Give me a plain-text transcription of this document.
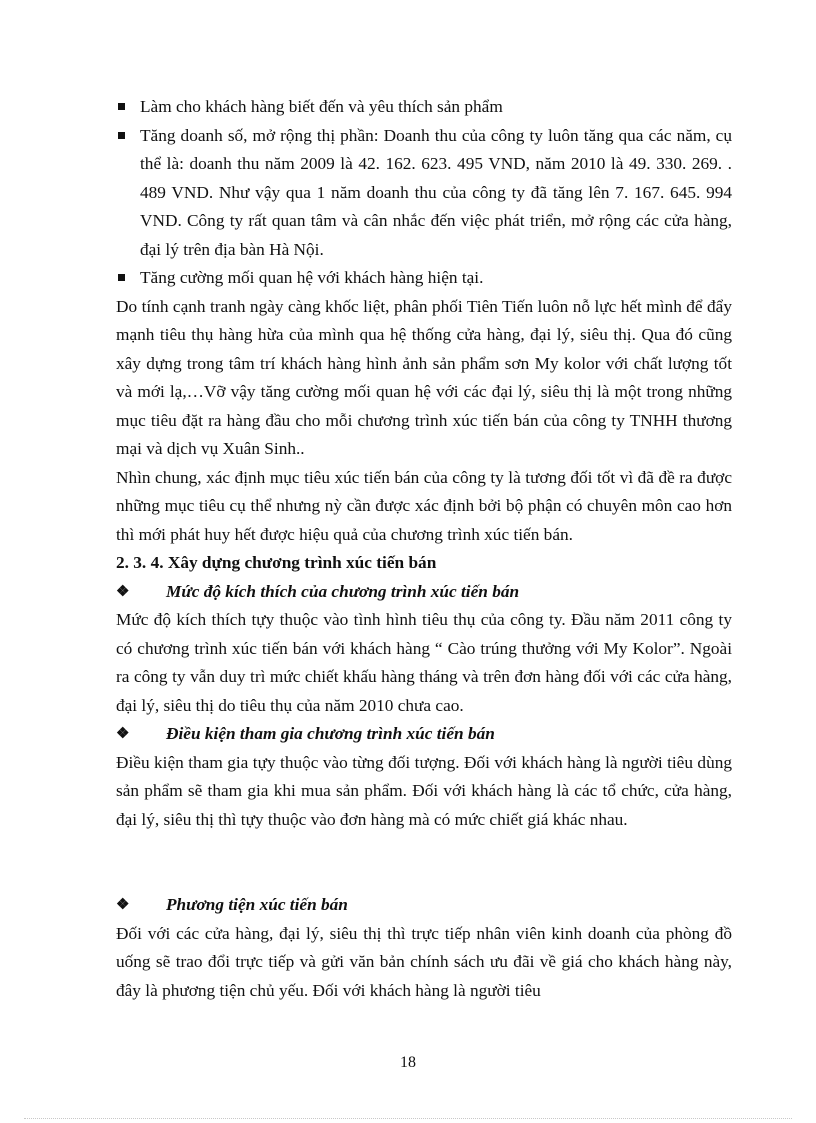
Làm cho khách hàng biết đến và yêu thích sản phẩm

Tăng doanh số, mở rộng thị phần: Doanh thu của công ty luôn tăng qua các năm, cụ thể là: doanh thu năm 2009 là 42. 162. 623. 495 VND, năm 2010 là 49. 330. 269. . 489 VND. Như vậy qua 1 năm doanh thu của công ty đã tăng lên 7. 167. 645. 994 VND. Công ty rất quan tâm và cân nhắc đến việc phát triển, mở rộng các cửa hàng, đại lý trên địa bàn Hà Nội.

Tăng cường mối quan hệ với khách hàng hiện tại.

Do tính cạnh tranh ngày càng khốc liệt, phân phối Tiên Tiến luôn nỗ lực hết mình để đẩy mạnh tiêu thụ hàng hừa của mình qua hệ thống cửa hàng, đại lý, siêu thị. Qua đó cũng xây dựng trong tâm trí khách hàng hình ảnh sản phẩm sơn My kolor với chất lượng tốt và mới lạ,…Vỡ vậy tăng cường mối quan hệ với các đại lý, siêu thị là một trong những mục tiêu đặt ra hàng đầu cho mỗi chương trình xúc tiến bán của công ty TNHH thương mại và dịch vụ Xuân Sinh..

Nhìn chung, xác định mục tiêu xúc tiến bán của công ty là tương đối tốt vì đã đề ra được những mục tiêu cụ thể nhưng nỳ cần được xác định bởi bộ phận có chuyên môn cao hơn thì mới phát huy hết được hiệu quả của chương trình xúc tiến bán.

2. 3. 4. Xây dựng chương trình xúc tiến bán

❖ Mức độ kích thích của chương trình xúc tiến bán

Mức độ kích thích tựy thuộc vào tình hình tiêu thụ của công ty. Đầu năm 2011 công ty có chương trình xúc tiến bán với khách hàng “ Cào trúng thưởng với My Kolor”. Ngoài ra công ty vẫn duy trì mức chiết khấu hàng tháng và trên đơn hàng đối với các cửa hàng, đại lý, siêu thị do tiêu thụ của năm 2010 chưa cao.

❖ Điều kiện tham gia chương trình xúc tiến bán

Điều kiện tham gia tựy thuộc vào từng đối tượng. Đối với khách hàng là người tiêu dùng sản phẩm sẽ tham gia khi mua sản phẩm. Đối với khách hàng là các tổ chức, cửa hàng, đại lý, siêu thị thì tựy thuộc vào đơn hàng mà có mức chiết giá khác nhau.

❖ Phương tiện xúc tiến bán

Đối với các cửa hàng, đại lý, siêu thị thì trực tiếp nhân viên kinh doanh của phòng đồ uống sẽ trao đổi trực tiếp và gửi văn bản chính sách ưu đãi về giá cho khách hàng này, đây là phương tiện chủ yếu. Đối với khách hàng là người tiêu

18
